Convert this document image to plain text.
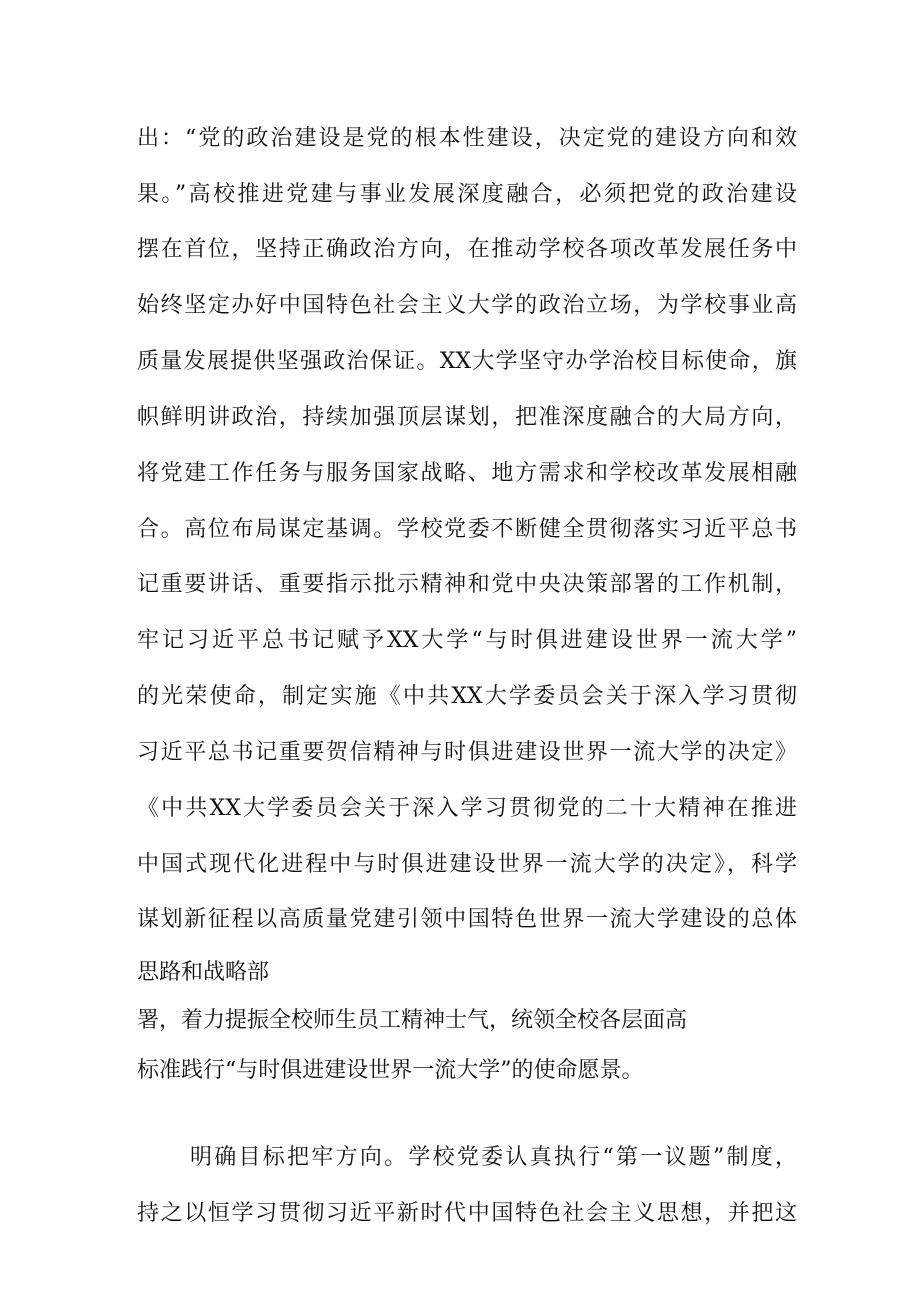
出：“党的政治建设是党的根本性建设，决定党的建设方向和效
果。”高校推进党建与事业发展深度融合，必须把党的政治建设
摆在首位，坚持正确政治方向，在推动学校各项改革发展任务中
始终坚定办好中国特色社会主义大学的政治立场，为学校事业高
质量发展提供坚强政治保证。XX大学坚守办学治校目标使命，旗
帜鲜明讲政治，持续加强顶层谋划，把准深度融合的大局方向，
将党建工作任务与服务国家战略、地方需求和学校改革发展相融
合。高位布局谋定基调。学校党委不断健全贯彻落实习近平总书
记重要讲话、重要指示批示精神和党中央决策部署的工作机制，
牢记习近平总书记赋予XX大学“与时俱进建设世界一流大学”
的光荣使命，制定实施《中共XX大学委员会关于深入学习贯彻
习近平总书记重要贺信精神与时俱进建设世界一流大学的决定》
《中共XX大学委员会关于深入学习贯彻党的二十大精神在推进
中国式现代化进程中与时俱进建设世界一流大学的决定》，科学
谋划新征程以高质量党建引领中国特色世界一流大学建设的总体
思路和战略部
署，着力提振全校师生员工精神士气，统领全校各层面高
标准践行“与时俱进建设世界一流大学”的使命愿景。
明确目标把牢方向。学校党委认真执行“第一议题”制度，
持之以恒学习贯彻习近平新时代中国特色社会主义思想，并把这
